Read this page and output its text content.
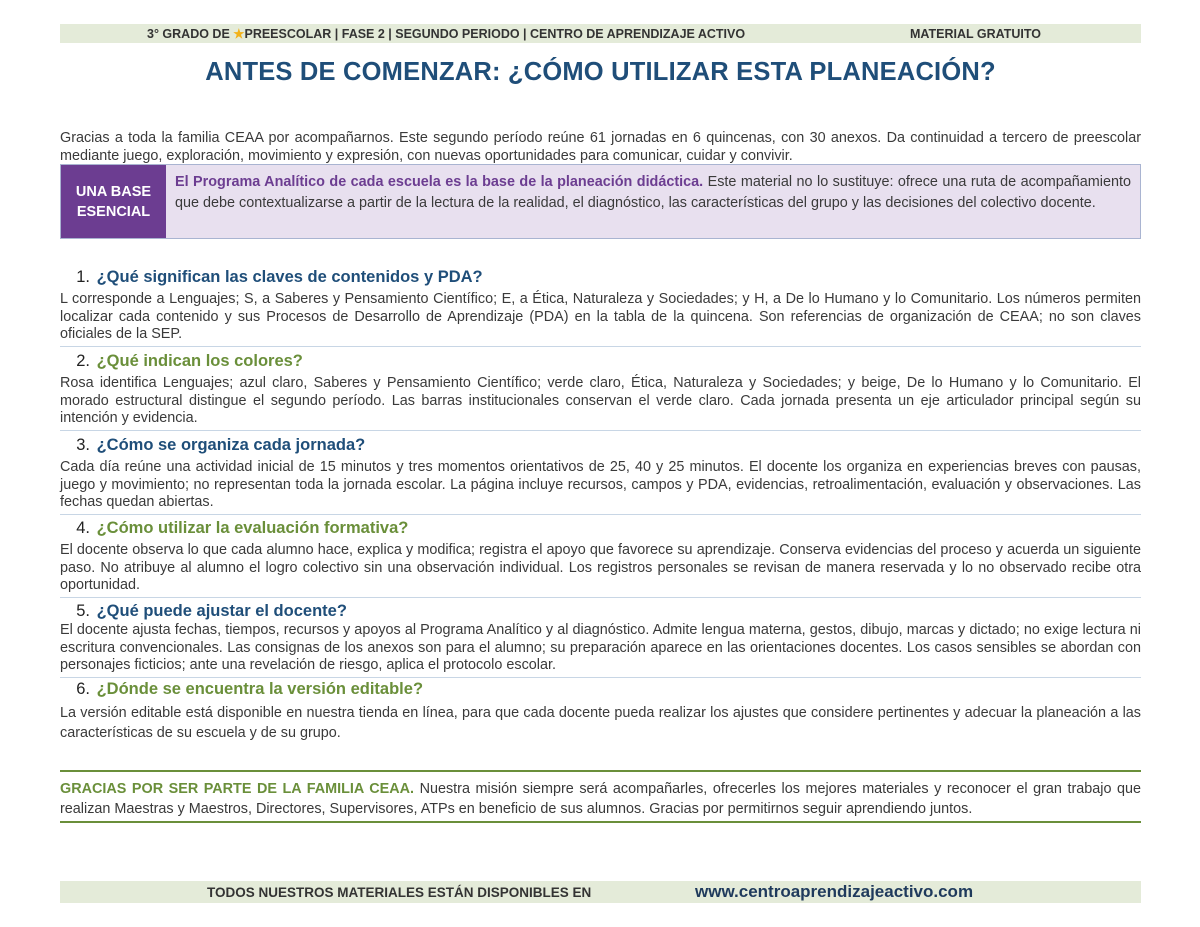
3° GRADO DE ★PREESCOLAR | FASE 2 | SEGUNDO PERIODO | CENTRO DE APRENDIZAJE ACTIVO	MATERIAL GRATUITO
ANTES DE COMENZAR: ¿CÓMO UTILIZAR ESTA PLANEACIÓN?
Gracias a toda la familia CEAA por acompañarnos. Este segundo período reúne 61 jornadas en 6 quincenas, con 30 anexos. Da continuidad a tercero de preescolar mediante juego, exploración, movimiento y expresión, con nuevas oportunidades para comunicar, cuidar y convivir.
UNA BASE
ESENCIAL
El Programa Analítico de cada escuela es la base de la planeación didáctica. Este material no lo sustituye: ofrece una ruta de acompañamiento que debe contextualizarse a partir de la lectura de la realidad, el diagnóstico, las características del grupo y las decisiones del colectivo docente.
1. ¿Qué significan las claves de contenidos y PDA?
L corresponde a Lenguajes; S, a Saberes y Pensamiento Científico; E, a Ética, Naturaleza y Sociedades; y H, a De lo Humano y lo Comunitario. Los números permiten localizar cada contenido y sus Procesos de Desarrollo de Aprendizaje (PDA) en la tabla de la quincena. Son referencias de organización de CEAA; no son claves oficiales de la SEP.
2. ¿Qué indican los colores?
Rosa identifica Lenguajes; azul claro, Saberes y Pensamiento Científico; verde claro, Ética, Naturaleza y Sociedades; y beige, De lo Humano y lo Comunitario. El morado estructural distingue el segundo período. Las barras institucionales conservan el verde claro. Cada jornada presenta un eje articulador principal según su intención y evidencia.
3. ¿Cómo se organiza cada jornada?
Cada día reúne una actividad inicial de 15 minutos y tres momentos orientativos de 25, 40 y 25 minutos. El docente los organiza en experiencias breves con pausas, juego y movimiento; no representan toda la jornada escolar. La página incluye recursos, campos y PDA, evidencias, retroalimentación, evaluación y observaciones. Las fechas quedan abiertas.
4. ¿Cómo utilizar la evaluación formativa?
El docente observa lo que cada alumno hace, explica y modifica; registra el apoyo que favorece su aprendizaje. Conserva evidencias del proceso y acuerda un siguiente paso. No atribuye al alumno el logro colectivo sin una observación individual. Los registros personales se revisan de manera reservada y lo no observado recibe otra oportunidad.
5. ¿Qué puede ajustar el docente?
El docente ajusta fechas, tiempos, recursos y apoyos al Programa Analítico y al diagnóstico. Admite lengua materna, gestos, dibujo, marcas y dictado; no exige lectura ni escritura convencionales. Las consignas de los anexos son para el alumno; su preparación aparece en las orientaciones docentes. Los casos sensibles se abordan con personajes ficticios; ante una revelación de riesgo, aplica el protocolo escolar.
6. ¿Dónde se encuentra la versión editable?
La versión editable está disponible en nuestra tienda en línea, para que cada docente pueda realizar los ajustes que considere pertinentes y adecuar la planeación a las características de su escuela y de su grupo.
GRACIAS POR SER PARTE DE LA FAMILIA CEAA. Nuestra misión siempre será acompañarles, ofrecerles los mejores materiales y reconocer el gran trabajo que realizan Maestras y Maestros, Directores, Supervisores, ATPs en beneficio de sus alumnos. Gracias por permitirnos seguir aprendiendo juntos.
TODOS NUESTROS MATERIALES ESTÁN DISPONIBLES EN	www.centroaprendizajeactivo.com
